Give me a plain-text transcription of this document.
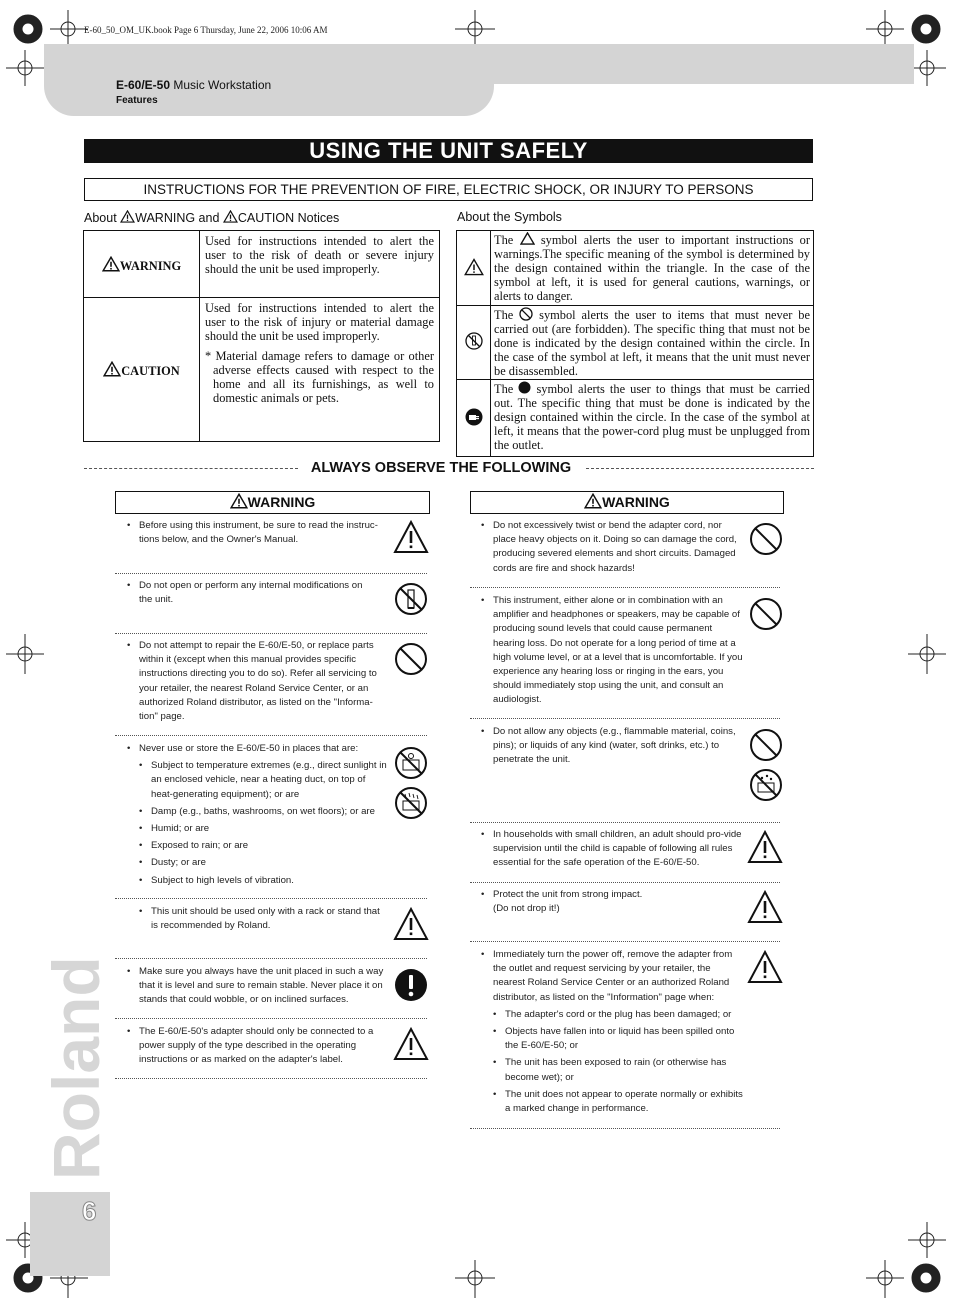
E-60_50_OM_UK.book Page 6 Thursday, June 22, 2006 10:06 AM
E-60/E-50 Music Workstation
Features
USING THE UNIT SAFELY
INSTRUCTIONS FOR THE PREVENTION OF FIRE, ELECTRIC SHOCK, OR INJURY TO PERSONS
About WARNING and CAUTION Notices
WARNING	Used for instructions intended to alert the user to the risk of death or severe injury should the unit be used improperly.
CAUTION	Used for instructions intended to alert the user to the risk of injury or material damage should the unit be used improperly.
* Material damage refers to damage or other adverse effects caused with respect to the home and all its furnishings, as well to domestic animals or pets.
About the Symbols
	The  symbol alerts the user to important instructions or warnings.The specific meaning of the symbol is determined by the design contained within the triangle. In the case of the symbol at left, it is used for general cautions, warnings, or alerts to danger.
	The  symbol alerts the user to items that must never be carried out (are forbidden). The specific thing that must not be done is indicated by the design contained within the circle. In the case of the symbol at left, it means that the unit must never be disassembled.
	The  symbol alerts the user to things that must be carried out. The specific thing that must be done is indicated by the design contained within the circle. In the case of the symbol at left, it means that the power-cord plug must be unplugged from the outlet.
ALWAYS OBSERVE THE FOLLOWING
WARNING	WARNING
• Before using this instrument, be sure to read the instruc-tions below, and the Owner's Manual.
• Do not open or perform any internal modifications on the unit.
• Do not attempt to repair the E-60/E-50, or replace parts within it (except when this manual provides specific instructions directing you to do so). Refer all servicing to your retailer, the nearest Roland Service Center, or an authorized Roland distributor, as listed on the "Informa-tion" page.
• Never use or store the E-60/E-50 in places that are:
• Subject to temperature extremes (e.g., direct sunlight in an enclosed vehicle, near a heating duct, on top of heat-generating equipment); or are
• Damp (e.g., baths, washrooms, on wet floors); or are
• Humid; or are
• Exposed to rain; or are
• Dusty; or are
• Subject to high levels of vibration.
• This unit should be used only with a rack or stand that is recommended by Roland.
• Make sure you always have the unit placed in such a way that it is level and sure to remain stable. Never place it on stands that could wobble, or on inclined surfaces.
• The E-60/E-50's adapter should only be connected to a power supply of the type described in the operating instructions or as marked on the adapter's label.
• Do not excessively twist or bend the adapter cord, nor place heavy objects on it. Doing so can damage the cord, producing severed elements and short circuits. Damaged cords are fire and shock hazards!
• This instrument, either alone or in combination with an amplifier and headphones or speakers, may be capable of producing sound levels that could cause permanent hearing loss. Do not operate for a long period of time at a high volume level, or at a level that is uncomfortable. If you experience any hearing loss or ringing in the ears, you should immediately stop using the unit, and consult an audiologist.
• Do not allow any objects (e.g., flammable material, coins, pins); or liquids of any kind (water, soft drinks, etc.) to penetrate the unit.
• In households with small children, an adult should pro-vide supervision until the child is capable of following all rules essential for the safe operation of the E-60/E-50.
• Protect the unit from strong impact.
(Do not drop it!)
• Immediately turn the power off, remove the adapter from the outlet and request servicing by your retailer, the nearest Roland Service Center or an authorized Roland distributor, as listed on the "Information" page when:
• The adapter's cord or the plug has been damaged; or
• Objects have fallen into or liquid has been spilled onto the E-60/E-50; or
• The unit has been exposed to rain (or otherwise has become wet); or
• The unit does not appear to operate normally or exhibits a marked change in performance.
Roland
6
